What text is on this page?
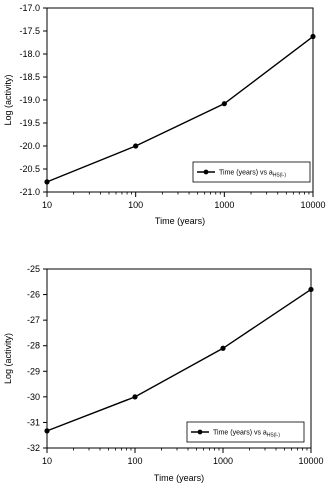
-17.0
-17.5
-18.0
-18.5
-19.0
-19.5
-20.0
-20.5
-21.0
10	100	1000	10000
Time (years)
Log (activity)
Time (years) vs $a_{HS(l-)}$
-25
-26
-27
-28
-29
-30
-31
-32
10	100	1000	10000
Time (years)
Log (activity)
Time (years) vs $a_{HS(l-)}$
